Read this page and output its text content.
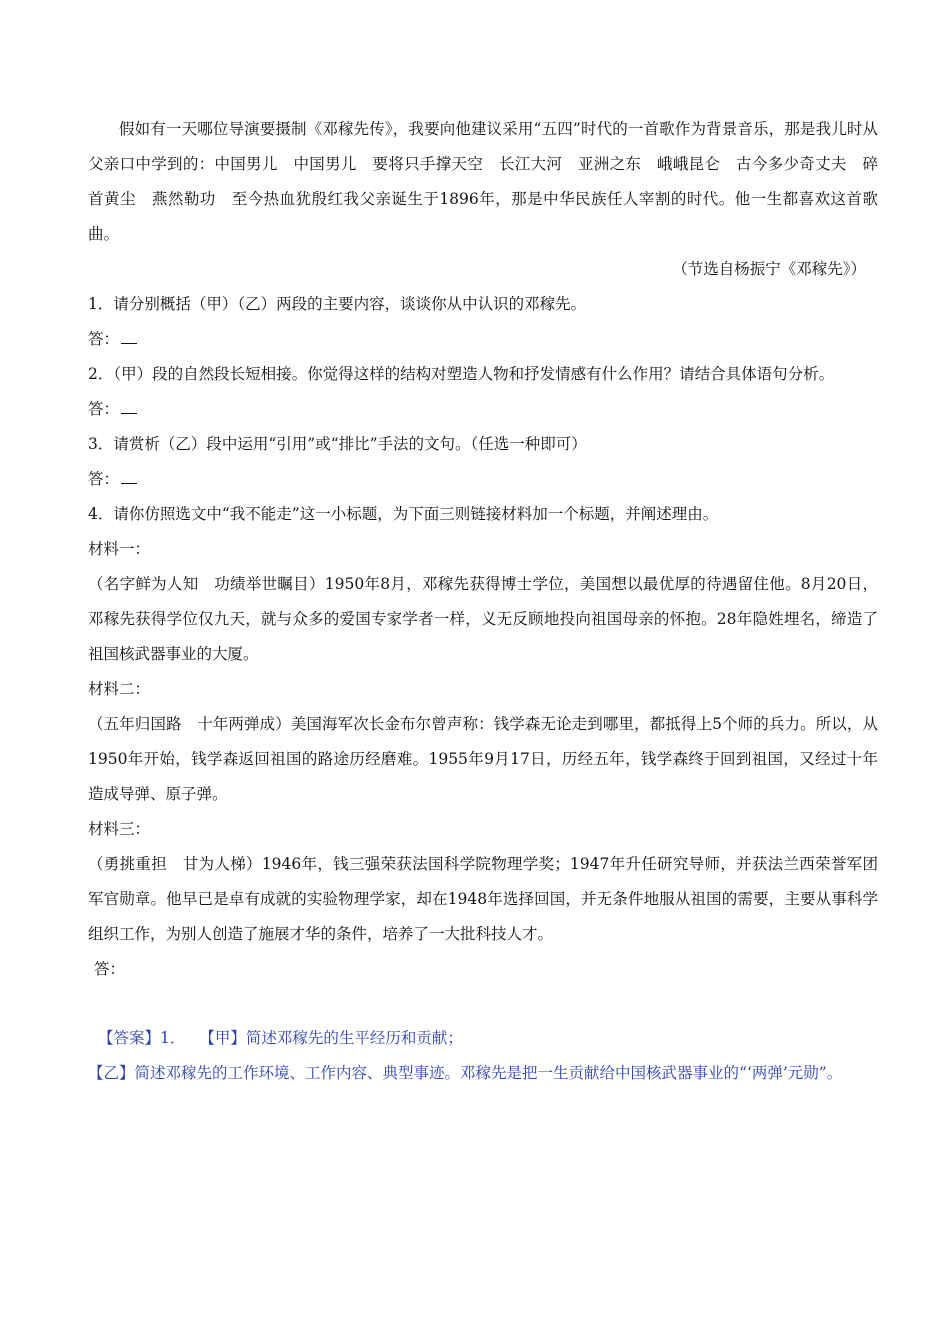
假如有一天哪位导演要摄制《邓稼先传》，我要向他建议采用“五四”时代的一首歌作为背景音乐，那是我儿时从父亲口中学到的：中国男儿　中国男儿　要将只手撑天空　长江大河　亚洲之东　峨峨昆仑　古今多少奇丈夫　碎首黄尘　燕然勒功　至今热血犹殷红我父亲诞生于1896年，那是中华民族任人宰割的时代。他一生都喜欢这首歌曲。

（节选自杨振宁《邓稼先》）

1．请分别概括（甲）（乙）两段的主要内容，谈谈你从中认识的邓稼先。

答：

2．（甲）段的自然段长短相接。你觉得这样的结构对塑造人物和抒发情感有什么作用？请结合具体语句分析。

答：

3．请赏析（乙）段中运用“引用”或“排比”手法的文句。（任选一种即可）

答：

4．请你仿照选文中“我不能走”这一小标题，为下面三则链接材料加一个标题，并阐述理由。

材料一：

（名字鲜为人知　功绩举世瞩目）1950年8月，邓稼先获得博士学位，美国想以最优厚的待遇留住他。8月20日，邓稼先获得学位仅九天，就与众多的爱国专家学者一样，义无反顾地投向祖国母亲的怀抱。28年隐姓埋名，缔造了祖国核武器事业的大厦。

材料二：

（五年归国路　十年两弹成）美国海军次长金布尔曾声称：钱学森无论走到哪里，都抵得上5个师的兵力。所以，从1950年开始，钱学森返回祖国的路途历经磨难。1955年9月17日，历经五年，钱学森终于回到祖国，又经过十年造成导弹、原子弹。

材料三：

（勇挑重担　甘为人梯）1946年，钱三强荣获法国科学院物理学奖；1947年升任研究导师，并获法兰西荣誉军团军官勋章。他早已是卓有成就的实验物理学家，却在1948年选择回国，并无条件地服从祖国的需要，主要从事科学组织工作，为别人创造了施展才华的条件，培养了一大批科技人才。

答：

【答案】1． 【甲】简述邓稼先的生平经历和贡献；

【乙】简述邓稼先的工作环境、工作内容、典型事迹。邓稼先是把一生贡献给中国核武器事业的“‘两弹’元勋”。
